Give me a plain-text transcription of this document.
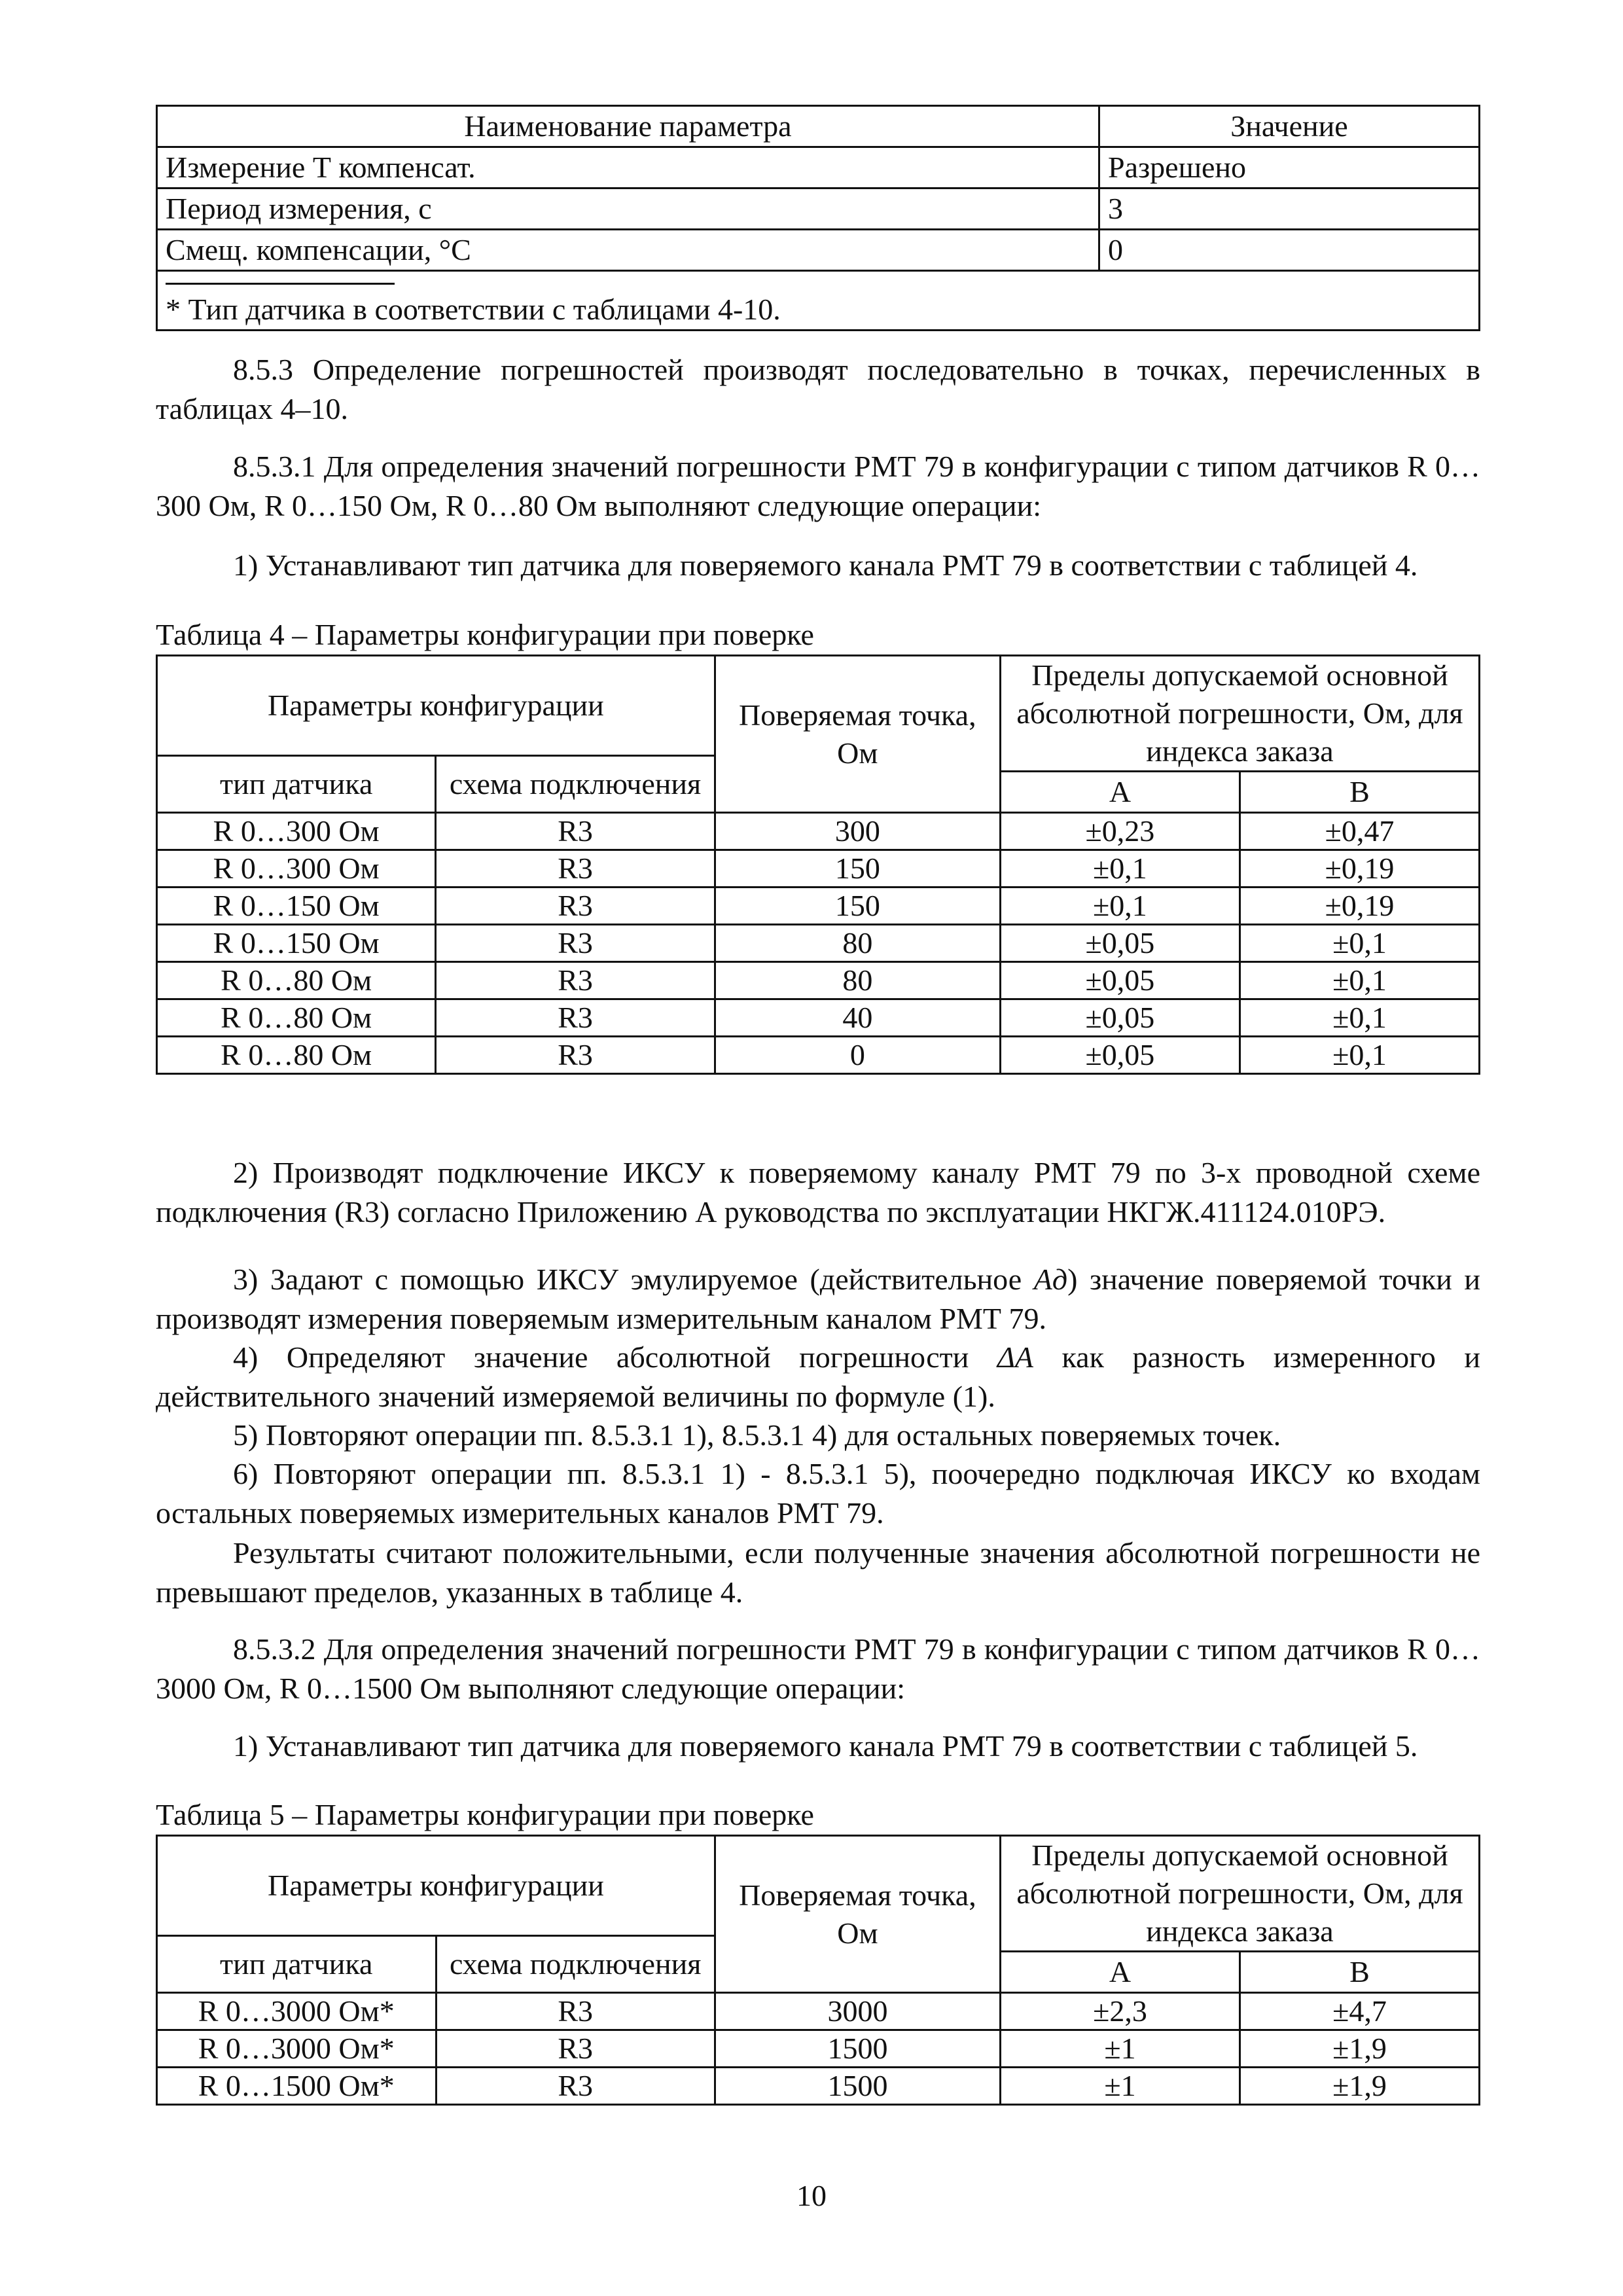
Наименование параметра	Значение
Измерение Т компенсат.	Разрешено
Период измерения, с	3
Смещ. компенсации, °С	0

* Тип датчика в соответствии с таблицами 4-10.	
8.5.3 Определение погрешностей производят последовательно в точках, перечисленных в таблицах 4–10.
8.5.3.1 Для определения значений погрешности РМТ 79 в конфигурации с типом датчиков R 0…300 Ом, R 0…150 Ом, R 0…80 Ом выполняют следующие операции:
1) Устанавливают тип датчика для поверяемого канала РМТ 79 в соответствии с таблицей 4.
Таблица 4 – Параметры конфигурации при поверке
Параметры конфигурации		Поверяемая точка, Ом	Пределы допускаемой основной абсолютной погрешности, Ом, для индекса заказа	
тип датчика	схема подключения			
			А	В
R 0…300 Ом	R3	300	±0,23	±0,47
R 0…300 Ом	R3	150	±0,1	±0,19
R 0…150 Ом	R3	150	±0,1	±0,19
R 0…150 Ом	R3	80	±0,05	±0,1
R 0…80 Ом	R3	80	±0,05	±0,1
R 0…80 Ом	R3	40	±0,05	±0,1
R 0…80 Ом	R3	0	±0,05	±0,1
2) Производят подключение ИКСУ к поверяемому каналу РМТ 79 по 3-х проводной схеме подключения (R3) согласно Приложению А руководства по эксплуатации НКГЖ.411124.010РЭ.
3) Задают с помощью ИКСУ эмулируемое (действительное Aд) значение поверяемой точки и производят измерения поверяемым измерительным каналом РМТ 79.
4) Определяют значение абсолютной погрешности ΔA как разность измеренного и действительного значений измеряемой величины по формуле (1).
5) Повторяют операции пп. 8.5.3.1 1), 8.5.3.1 4) для остальных поверяемых точек.
6) Повторяют операции пп. 8.5.3.1 1) - 8.5.3.1 5), поочередно подключая ИКСУ ко входам остальных поверяемых измерительных каналов РМТ 79.
Результаты считают положительными, если полученные значения абсолютной погрешности не превышают пределов, указанных в таблице 4.
8.5.3.2 Для определения значений погрешности РМТ 79 в конфигурации с типом датчиков R 0…3000 Ом, R 0…1500 Ом выполняют следующие операции:
1) Устанавливают тип датчика для поверяемого канала РМТ 79 в соответствии с таблицей 5.
Таблица 5 – Параметры конфигурации при поверке
Параметры конфигурации		Поверяемая точка, Ом	Пределы допускаемой основной абсолютной погрешности, Ом, для индекса заказа	
тип датчика	схема подключения			
			А	В
R 0…3000 Ом*	R3	3000	±2,3	±4,7
R 0…3000 Ом*	R3	1500	±1	±1,9
R 0…1500 Ом*	R3	1500	±1	±1,9
10
